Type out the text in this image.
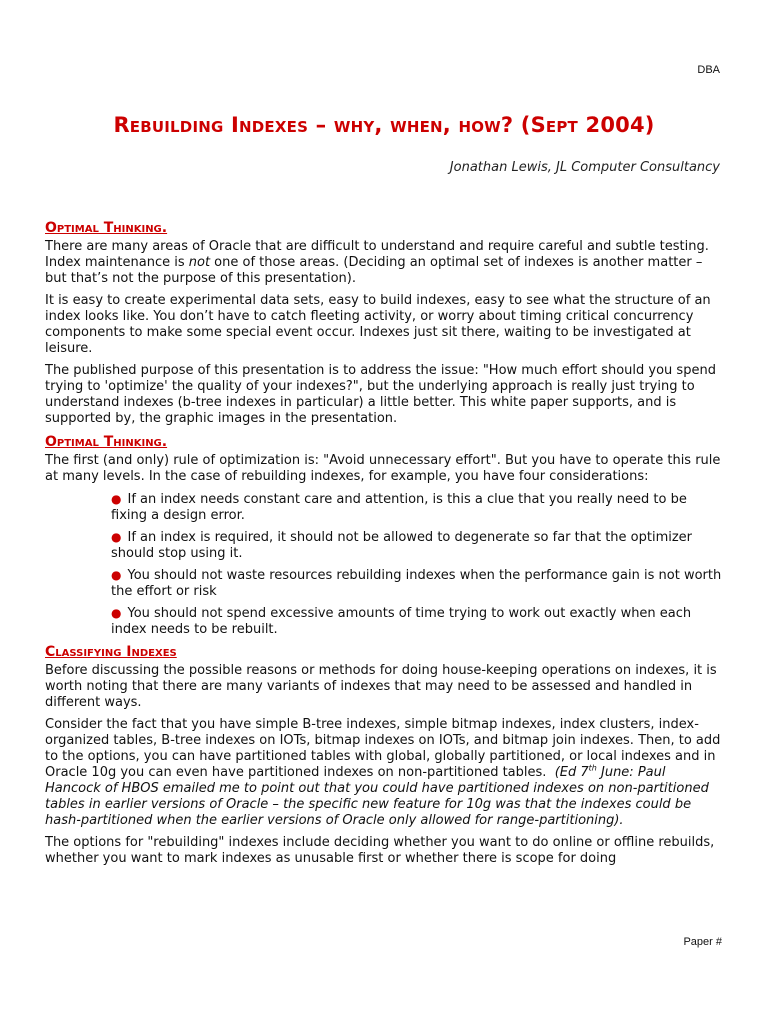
DBA
Rebuilding Indexes – why, when, how? (Sept 2004)
Jonathan Lewis, JL Computer Consultancy
Optimal Thinking.

There are many areas of Oracle that are difficult to understand and require careful and subtle testing. Index maintenance is not one of those areas. (Deciding an optimal set of indexes is another matter – but that’s not the purpose of this presentation).

It is easy to create experimental data sets, easy to build indexes, easy to see what the structure of an index looks like. You don’t have to catch fleeting activity, or worry about timing critical concurrency components to make some special event occur. Indexes just sit there, waiting to be investigated at leisure.

The published purpose of this presentation is to address the issue: "How much effort should you spend trying to 'optimize' the quality of your indexes?", but the underlying approach is really just trying to understand indexes (b-tree indexes in particular) a little better. This white paper supports, and is supported by, the graphic images in the presentation.

Optimal Thinking.

The first (and only) rule of optimization is: "Avoid unnecessary effort". But you have to operate this rule at many levels. In the case of rebuilding indexes, for example, you have four considerations:

● If an index needs constant care and attention, is this a clue that you really need to be fixing a design error.
● If an index is required, it should not be allowed to degenerate so far that the optimizer should stop using it.
● You should not waste resources rebuilding indexes when the performance gain is not worth the effort or risk
● You should not spend excessive amounts of time trying to work out exactly when each index needs to be rebuilt.
Classifying Indexes

Before discussing the possible reasons or methods for doing house-keeping operations on indexes, it is worth noting that there are many variants of indexes that may need to be assessed and handled in different ways.

Consider the fact that you have simple B-tree indexes, simple bitmap indexes, index clusters, index-organized tables, B-tree indexes on IOTs, bitmap indexes on IOTs, and bitmap join indexes. Then, to add to the options, you can have partitioned tables with global, globally partitioned, or local indexes and in Oracle 10g you can even have partitioned indexes on non-partitioned tables. (Ed 7th June: Paul Hancock of HBOS emailed me to point out that you could have partitioned indexes on non-partitioned tables in earlier versions of Oracle – the specific new feature for 10g was that the indexes could be hash-partitioned when the earlier versions of Oracle only allowed for range-partitioning).

The options for "rebuilding" indexes include deciding whether you want to do online or offline rebuilds, whether you want to mark indexes as unusable first or whether there is scope for doing

Paper #
